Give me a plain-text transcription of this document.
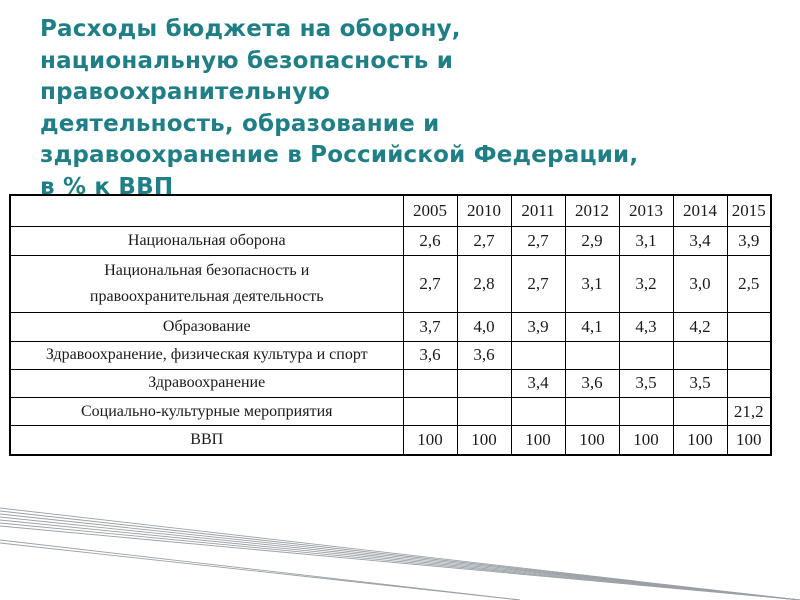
Расходы бюджета на оборону,
национальную безопасность и
правоохранительную
деятельность, образование и
здравоохранение в Российской Федерации,
в % к ВВП
	2005	2010	2011	2012	2013	2014	2015

Национальная оборона	2,6	2,7	2,7	2,9	3,1	3,4	3,9

Национальная безопасность и
правоохранительная деятельность	2,7	2,8	2,7	3,1	3,2	3,0	2,5

Образование	3,7	4,0	3,9	4,1	4,3	4,2	

Здравоохранение, физическая культура и спорт	3,6	3,6					

Здравоохранение			3,4	3,6	3,5	3,5	

Социально-культурные мероприятия							21,2

ВВП	100	100	100	100	100	100	100
